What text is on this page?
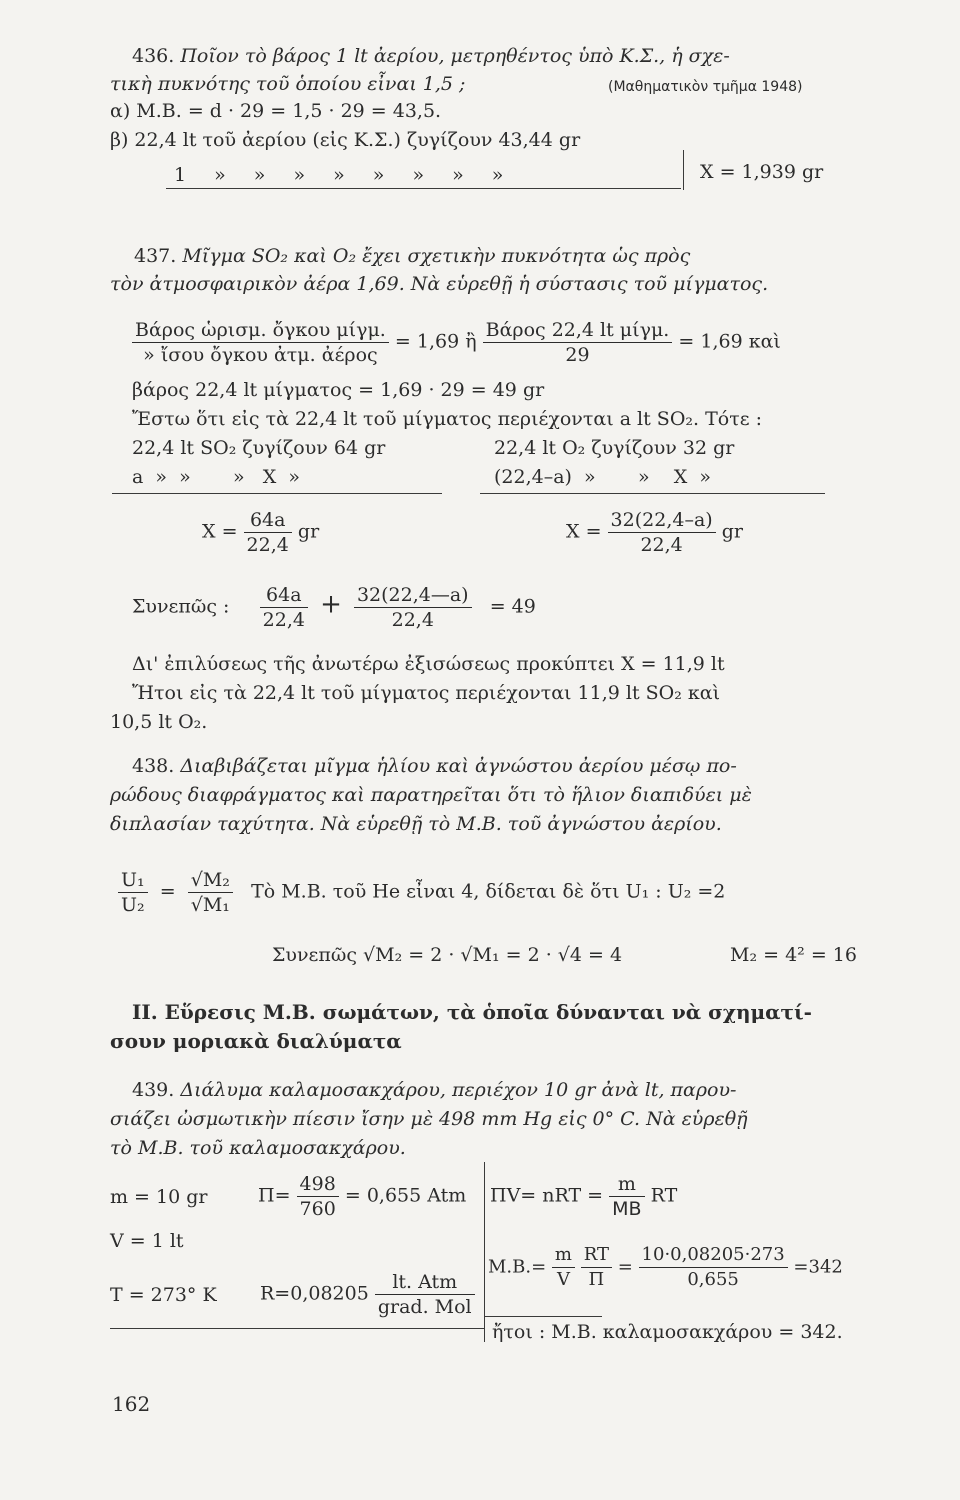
436. Ποῖον τὸ βάρος 1 lt ἀερίου, μετρηθέντος ὑπὸ Κ.Σ., ἡ σχε-
τικὴ πυκνότης τοῦ ὁποίου εἶναι 1,5 ;	(Μαθηματικὸν τμῆμα 1948)
α) Μ.Β. = d · 29 = 1,5 · 29 = 43,5.
β) 22,4 lt τοῦ ἀερίου (εἰς Κ.Σ.) ζυγίζουν 43,44 gr
1 » » » » » » » »	X = 1,939 gr
437. Μῖγμα SO₂ καὶ O₂ ἔχει σχετικὴν πυκνότητα ὡς πρὸς
τὸν ἀτμοσφαιρικὸν ἀέρα 1,69. Νὰ εὑρεθῇ ἡ σύστασις τοῦ μίγματος.
$\frac{\text{Βάρος ὡρισμ. ὄγκου μίγμ.}}{\text{» ἴσου ὄγκου ἀτμ. ἀέρος}} = 1,69$ ἢ $\frac{\text{Βάρος 22,4 lt μίγμ.}}{29} = 1,69$ καὶ
βάρος 22,4 lt μίγματος = 1,69 · 29 = 49 gr
Ἔστω ὅτι εἰς τὰ 22,4 lt τοῦ μίγματος περιέχονται a lt SO₂. Τότε :
22,4 lt SO₂ ζυγίζουν 64 gr
a  »  »       »   X  »
22,4 lt O₂ ζυγίζουν 32 gr
(22,4–a)  »       »    X  »
$X = \frac{64a}{22,4}$ gr	$X = \frac{32(22,4-a)}{22,4}$ gr
Συνεπῶς : $\frac{64a}{22,4} + \frac{32(22,4—a)}{22,4} = 49$
Δι' ἐπιλύσεως τῆς ἀνωτέρω ἐξισώσεως προκύπτει X = 11,9 lt
Ἤτοι εἰς τὰ 22,4 lt τοῦ μίγματος περιέχονται 11,9 lt SO₂ καὶ
10,5 lt O₂.
438. Διαβιβάζεται μῖγμα ἡλίου καὶ ἀγνώστου ἀερίου μέσῳ πο-
ρώδους διαφράγματος καὶ παρατηρεῖται ὅτι τὸ ἥλιον διαπιδύει μὲ
διπλασίαν ταχύτητα. Νὰ εὑρεθῇ τὸ Μ.Β. τοῦ ἀγνώστου ἀερίου.
$\frac{\text{U₁}}{\text{U₂}} = \frac{\text{√M₂}}{\text{√M₁}}$ Τὸ Μ.Β. τοῦ He εἶναι 4, δίδεται δὲ ὅτι U₁ : U₂ =2
Συνεπῶς √M₂ = 2 · √M₁ = 2 · √4 = 4	M₂ = 4² = 16
ΙΙ. Εὕρεσις Μ.Β. σωμάτων, τὰ ὁποῖα δύνανται νὰ σχηματί-
σουν μοριακὰ διαλύματα
439. Διάλυμα καλαμοσακχάρου, περιέχον 10 gr ἀνὰ lt, παρου-
σιάζει ὠσμωτικὴν πίεσιν ἴσην μὲ 498 mm Hg εἰς 0° C. Νὰ εὑρεθῇ
τὸ Μ.Β. τοῦ καλαμοσακχάρου.
m = 10 gr	$\Pi= \frac{498}{760} = 0,655$ Atm
V = 1 lt
T = 273° K $R=0,08205 \frac{\text{lt. Atm}}{\text{grad. Mol}}$
ΠV= nRT = $\frac{m}{MB}$ RT
$M.B.= \frac{m}{V}$
$\frac{RT}{\Pi} = \frac{10\cdot 0,08205\cdot 273}{0,655} =342$
ἤτοι : Μ.Β. καλαμοσακχάρου = 342.
162
